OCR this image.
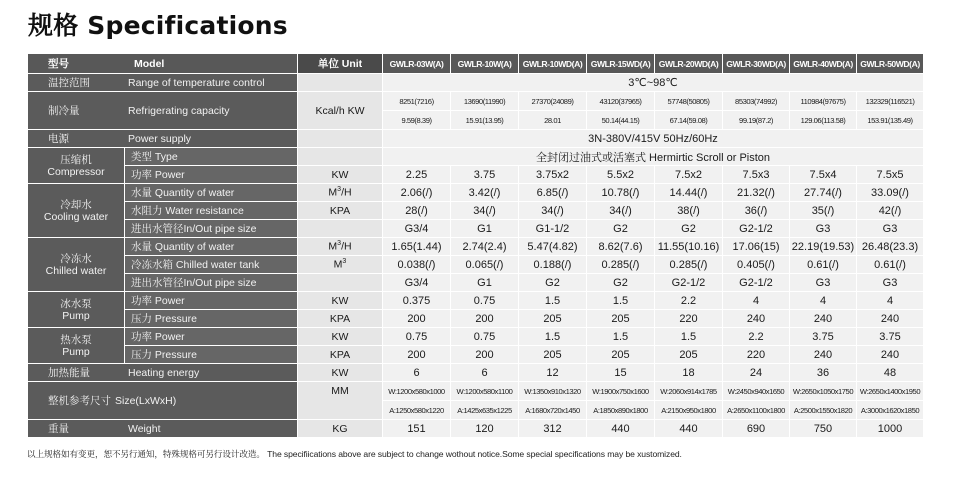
规格 Specifications
型号 Model		单位 Unit	GWLR-03W(A)	GWLR-10W(A)	GWLR-10WD(A)	GWLR-15WD(A)	GWLR-20WD(A)	GWLR-30WD(A)	GWLR-40WD(A)	GWLR-50WD(A)
温控范围 Range of temperature control			3℃~98℃							
制冷量 Refrigerating capacity		Kcal/h KW	8251(7216)	13690(11990)	27370(24089)	43120(37965)	57748(50805)	85303(74992)	110984(97675)	132329(116521)
			9.59(8.39)	15.91(13.95)	28.01	50.14(44.15)	67.14(59.08)	99.19(87.2)	129.06(113.58)	153.91(135.49)
电源 Power supply			3N-380V/415V 50Hz/60Hz							

压缩机
Compressor	类型 Type		全封闭过油式或活塞式 Hermirtic Scroll or Piston							
	功率 Power	KW	2.25	3.75	3.75x2	5.5x2	7.5x2	7.5x3	7.5x4	7.5x5

冷却水
Cooling water	水量 Quantity of water	$M^3/H$	2.06(/)	3.42(/)	6.85(/)	10.78(/)	14.44(/)	21.32(/)	27.74(/)	33.09(/)
	水阻力 Water resistance	KPA	28(/)	34(/)	34(/)	34(/)	38(/)	36(/)	35(/)	42(/)
	进出水管径In/Out pipe size		G3/4	G1	G1-1/2	G2	G2	G2-1/2	G3	G3

冷冻水
Chilled water	水量 Quantity of water	$M^3/H$	1.65(1.44)	2.74(2.4)	5.47(4.82)	8.62(7.6)	11.55(10.16)	17.06(15)	22.19(19.53)	26.48(23.3)
	冷冻水箱 Chilled water tank	$M^3$	0.038(/)	0.065(/)	0.188(/)	0.285(/)	0.285(/)	0.405(/)	0.61(/)	0.61(/)
	进出水管径In/Out pipe size		G3/4	G1	G2	G2	G2-1/2	G2-1/2	G3	G3

冰水泵
Pump	功率 Power	KW	0.375	0.75	1.5	1.5	2.2	4	4	4
	压力 Pressure	KPA	200	200	205	205	220	240	240	240

热水泵
Pump	功率 Power	KW	0.75	0.75	1.5	1.5	1.5	2.2	3.75	3.75
	压力 Pressure	KPA	200	200	205	205	205	220	240	240
加热能量 Heating energy		KW	6	6	12	15	18	24	36	48
整机参考尺寸 Size(LxWxH)		MM	W:1200x580x1000	W:1200x580x1100	W:1350x910x1320	W:1900x750x1600	W:2060x914x1785	W:2450x940x1650	W:2650x1050x1750	W:2650x1400x1950
			A:1250x580x1220	A:1425x635x1225	A:1680x720x1450	A:1850x890x1800	A:2150x950x1800	A:2650x1100x1800	A:2500x1550x1820	A:3000x1620x1850
重量 Weight		KG	151	120	312	440	440	690	750	1000

以上规格如有变更，恕不另行通知，特殊规格可另行设计改造。 The specifiications above are subject to change wothout notice.Some special specifications may be xustomized.
